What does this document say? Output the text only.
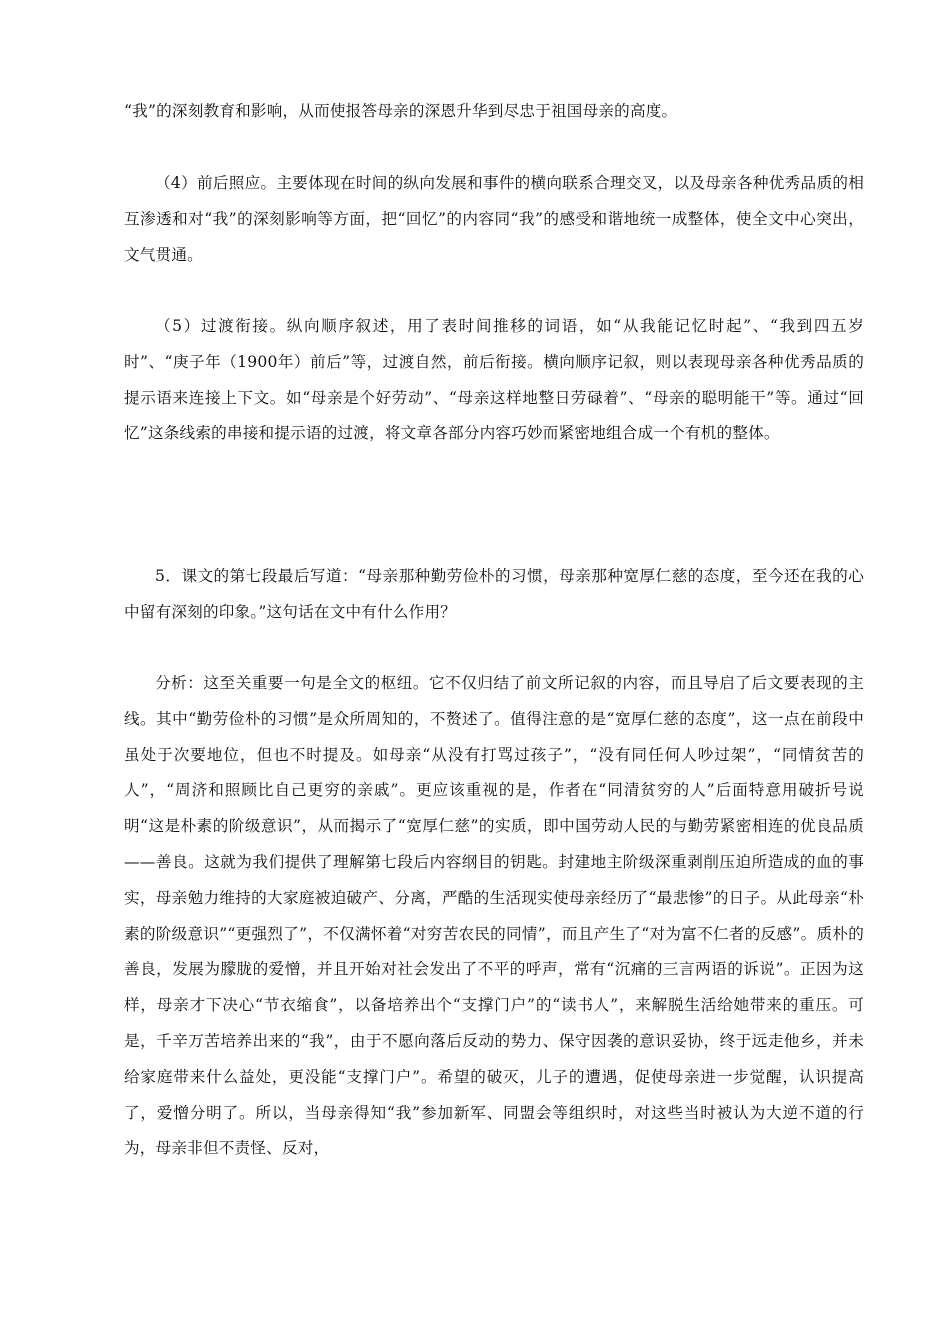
“我”的深刻教育和影响，从而使报答母亲的深恩升华到尽忠于祖国母亲的高度。

（4）前后照应。主要体现在时间的纵向发展和事件的横向联系合理交叉，以及母亲各种优秀品质的相互渗透和对“我”的深刻影响等方面，把“回忆”的内容同“我”的感受和谐地统一成整体，使全文中心突出，文气贯通。

（5）过渡衔接。纵向顺序叙述，用了表时间推移的词语，如“从我能记忆时起”、“我到四五岁时”、“庚子年（1900年）前后”等，过渡自然，前后衔接。横向顺序记叙，则以表现母亲各种优秀品质的提示语来连接上下文。如“母亲是个好劳动”、“母亲这样地整日劳碌着”、“母亲的聪明能干”等。通过“回忆”这条线索的串接和提示语的过渡，将文章各部分内容巧妙而紧密地组合成一个有机的整体。

5．课文的第七段最后写道：“母亲那种勤劳俭朴的习惯，母亲那种宽厚仁慈的态度，至今还在我的心中留有深刻的印象。”这句话在文中有什么作用？

分析：这至关重要一句是全文的枢纽。它不仅归结了前文所记叙的内容，而且导启了后文要表现的主线。其中“勤劳俭朴的习惯”是众所周知的，不赘述了。值得注意的是“宽厚仁慈的态度”，这一点在前段中虽处于次要地位，但也不时提及。如母亲“从没有打骂过孩子”，“没有同任何人吵过架”，“同情贫苦的人”，“周济和照顾比自己更穷的亲戚”。更应该重视的是，作者在“同清贫穷的人”后面特意用破折号说明“这是朴素的阶级意识”，从而揭示了“宽厚仁慈”的实质，即中国劳动人民的与勤劳紧密相连的优良品质——善良。这就为我们提供了理解第七段后内容纲目的钥匙。封建地主阶级深重剥削压迫所造成的血的事实，母亲勉力维持的大家庭被迫破产、分离，严酷的生活现实使母亲经历了“最悲惨”的日子。从此母亲“朴素的阶级意识”“更强烈了”，不仅满怀着“对穷苦农民的同情”，而且产生了“对为富不仁者的反感”。质朴的善良，发展为朦胧的爱憎，并且开始对社会发出了不平的呼声，常有“沉痛的三言两语的诉说”。正因为这样，母亲才下决心“节衣缩食”，以备培养出个“支撑门户”的“读书人”，来解脱生活给她带来的重压。可是，千辛万苦培养出来的“我”，由于不愿向落后反动的势力、保守因袭的意识妥协，终于远走他乡，并未给家庭带来什么益处，更没能“支撑门户”。希望的破灭，儿子的遭遇，促使母亲进一步觉醒，认识提高了，爱憎分明了。所以，当母亲得知“我”参加新军、同盟会等组织时，对这些当时被认为大逆不道的行为，母亲非但不责怪、反对，
